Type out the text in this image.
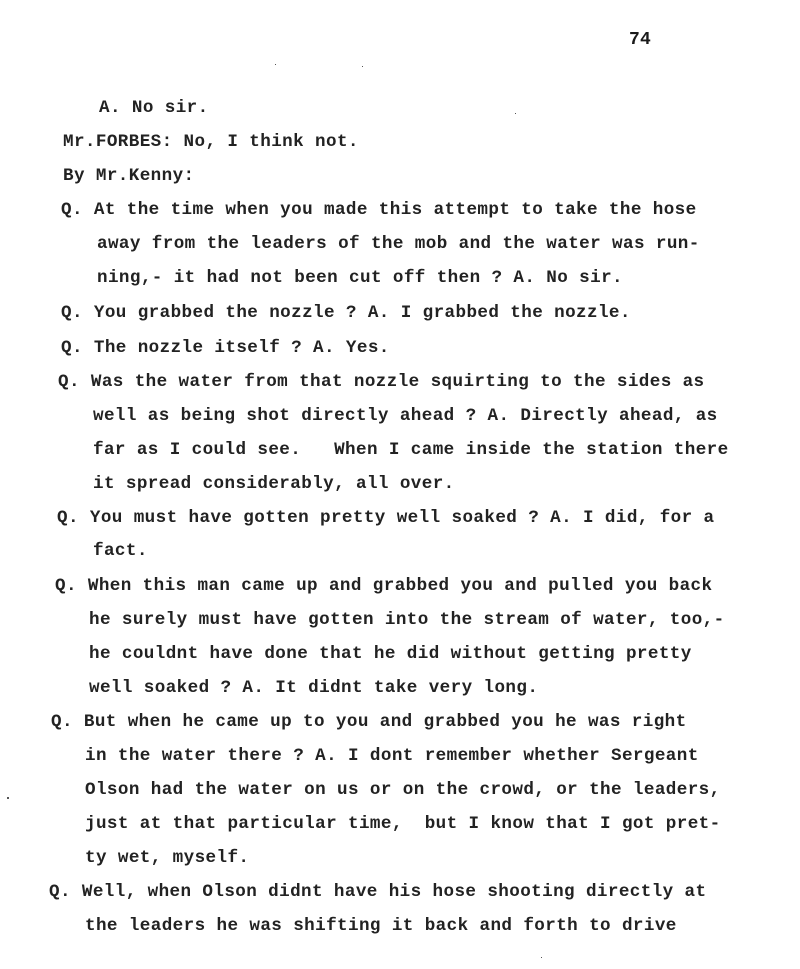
74
A. No sir.
Mr.FORBES: No, I think not.
By Mr.Kenny:
Q. At the time when you made this attempt to take the hose
away from the leaders of the mob and the water was run-
ning,- it had not been cut off then ? A. No sir.
Q. You grabbed the nozzle ? A. I grabbed the nozzle.
Q. The nozzle itself ? A. Yes.
Q. Was the water from that nozzle squirting to the sides as
well as being shot directly ahead ? A. Directly ahead, as
far as I could see.   When I came inside the station there
it spread considerably, all over.
Q. You must have gotten pretty well soaked ? A. I did, for a
fact.
Q. When this man came up and grabbed you and pulled you back
he surely must have gotten into the stream of water, too,-
he couldnt have done that he did without getting pretty
well soaked ? A. It didnt take very long.
Q. But when he came up to you and grabbed you he was right
in the water there ? A. I dont remember whether Sergeant
Olson had the water on us or on the crowd, or the leaders,
just at that particular time,  but I know that I got pret-
ty wet, myself.
Q. Well, when Olson didnt have his hose shooting directly at
the leaders he was shifting it back and forth to drive
